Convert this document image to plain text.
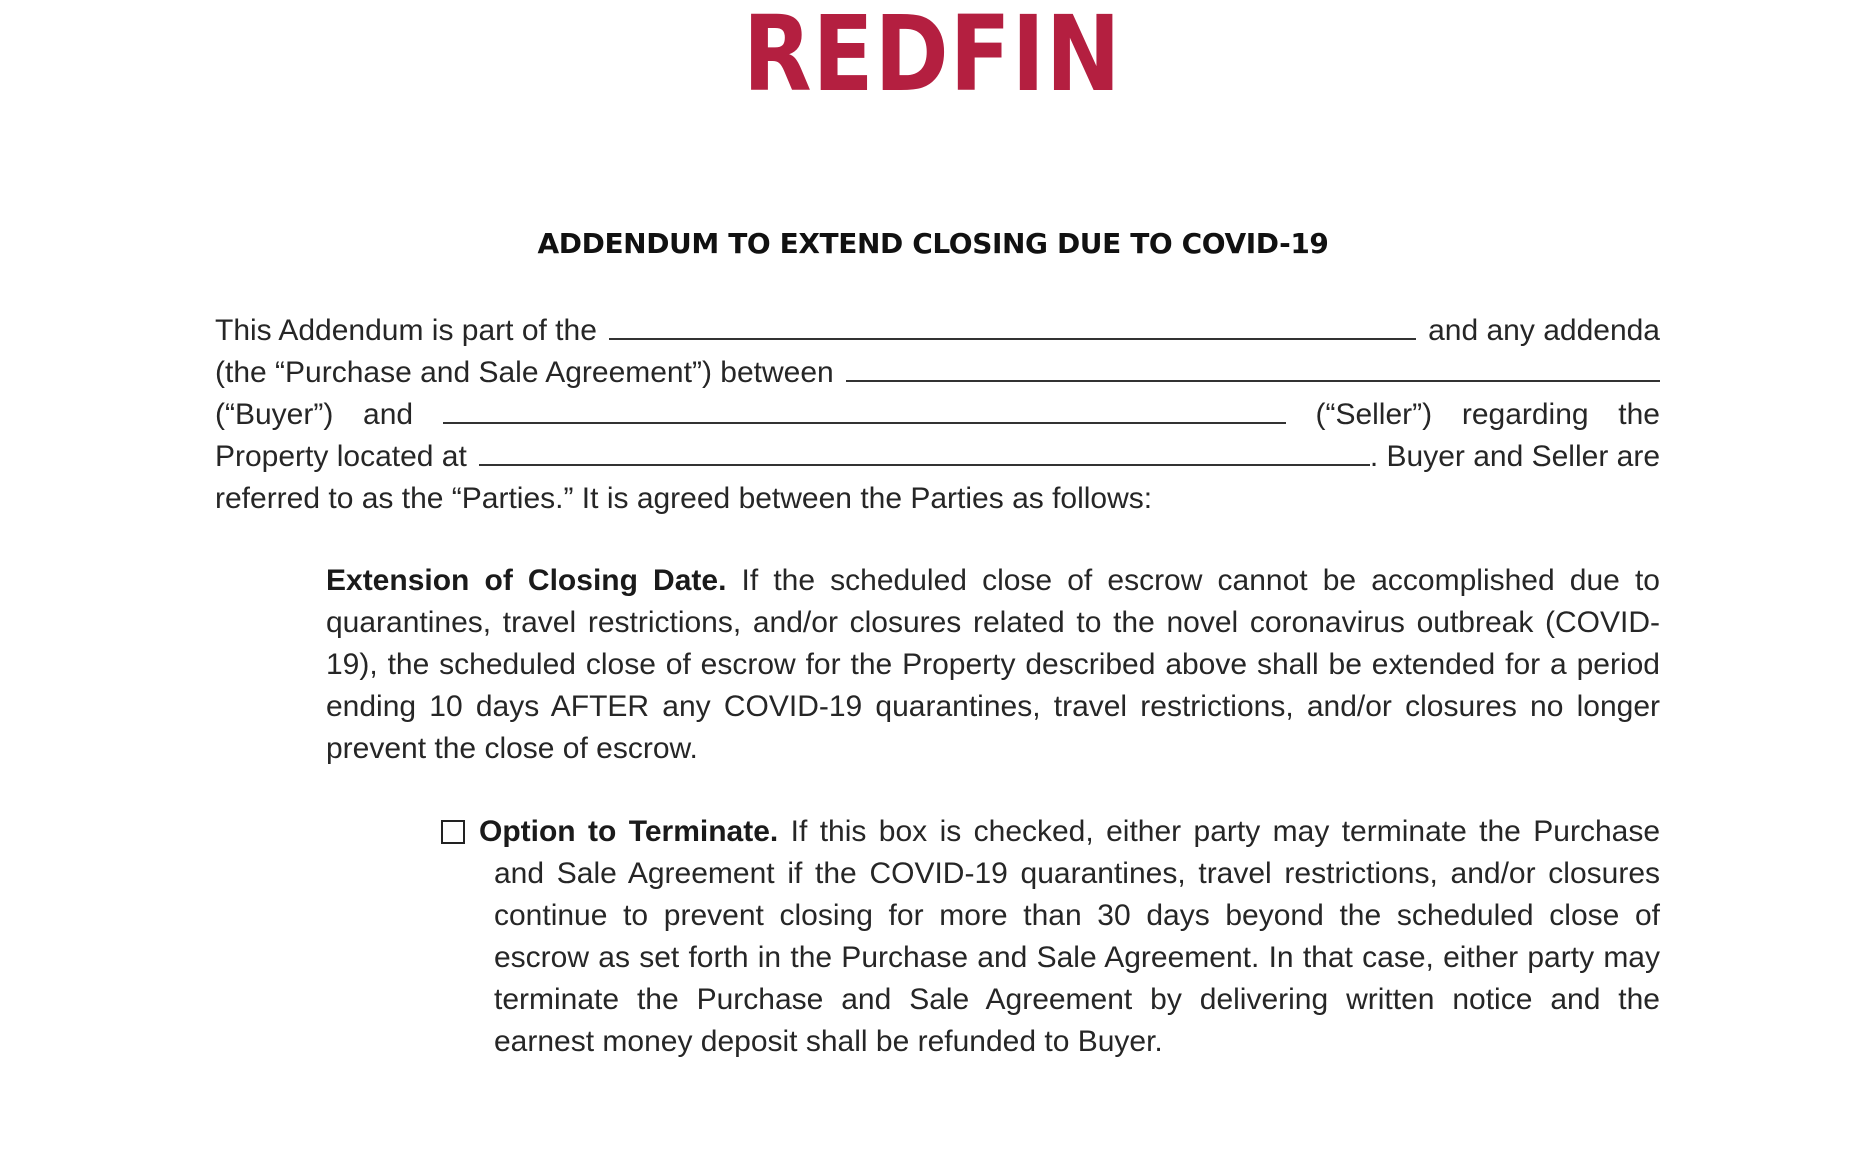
REDFIN
ADDENDUM TO EXTEND CLOSING DUE TO COVID-19
This Addendum is part of the	and any addenda
(the “Purchase and Sale Agreement”) between
(“Buyer”) and	(“Seller”) regarding the
Property located at	. Buyer and Seller are
referred to as the “Parties.” It is agreed between the Parties as follows:
Extension of Closing Date. If the scheduled close of escrow cannot be accomplished due to quarantines, travel restrictions, and/or closures related to the novel coronavirus outbreak (COVID-19), the scheduled close of escrow for the Property described above shall be extended for a period ending 10 days AFTER any COVID-19 quarantines, travel restrictions, and/or closures no longer prevent the close of escrow.
Option to Terminate. If this box is checked, either party may terminate the Purchase and Sale Agreement if the COVID-19 quarantines, travel restrictions, and/or closures continue to prevent closing for more than 30 days beyond the scheduled close of escrow as set forth in the Purchase and Sale Agreement. In that case, either party may terminate the Purchase and Sale Agreement by delivering written notice and the earnest money deposit shall be refunded to Buyer.
